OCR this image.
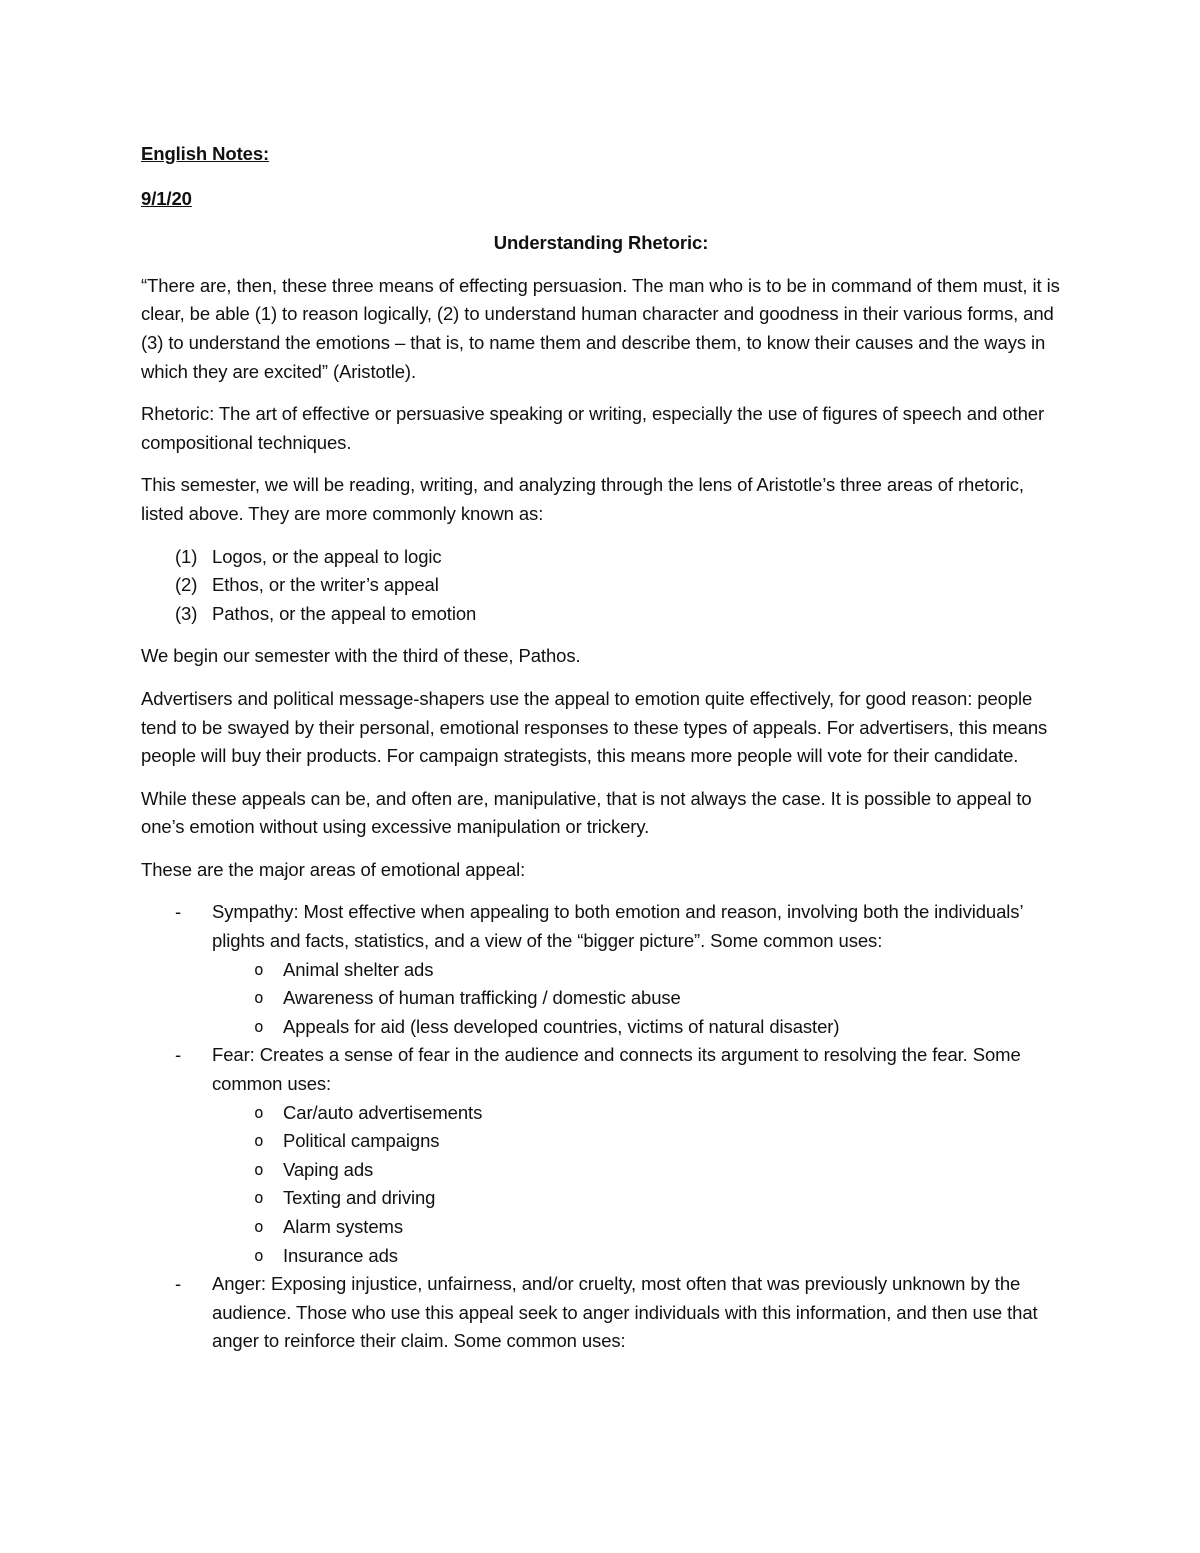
English Notes:
9/1/20
Understanding Rhetoric:

“There are, then, these three means of effecting persuasion. The man who is to be in command of them must, it is clear, be able (1) to reason logically, (2) to understand human character and goodness in their various forms, and (3) to understand the emotions – that is, to name them and describe them, to know their causes and the ways in which they are excited” (Aristotle).

Rhetoric: The art of effective or persuasive speaking or writing, especially the use of figures of speech and other compositional techniques.

This semester, we will be reading, writing, and analyzing through the lens of Aristotle’s three areas of rhetoric, listed above. They are more commonly known as:

(1) Logos, or the appeal to logic
(2) Ethos, or the writer’s appeal
(3) Pathos, or the appeal to emotion

We begin our semester with the third of these, Pathos.

Advertisers and political message-shapers use the appeal to emotion quite effectively, for good reason: people tend to be swayed by their personal, emotional responses to these types of appeals. For advertisers, this means people will buy their products. For campaign strategists, this means more people will vote for their candidate.

While these appeals can be, and often are, manipulative, that is not always the case. It is possible to appeal to one’s emotion without using excessive manipulation or trickery.

These are the major areas of emotional appeal:

- Sympathy: Most effective when appealing to both emotion and reason, involving both the individuals’ plights and facts, statistics, and a view of the “bigger picture”. Some common uses:
o Animal shelter ads
o Awareness of human trafficking / domestic abuse
o Appeals for aid (less developed countries, victims of natural disaster)
- Fear: Creates a sense of fear in the audience and connects its argument to resolving the fear. Some common uses:
o Car/auto advertisements
o Political campaigns
o Vaping ads
o Texting and driving
o Alarm systems
o Insurance ads
- Anger: Exposing injustice, unfairness, and/or cruelty, most often that was previously unknown by the audience. Those who use this appeal seek to anger individuals with this information, and then use that anger to reinforce their claim. Some common uses:
